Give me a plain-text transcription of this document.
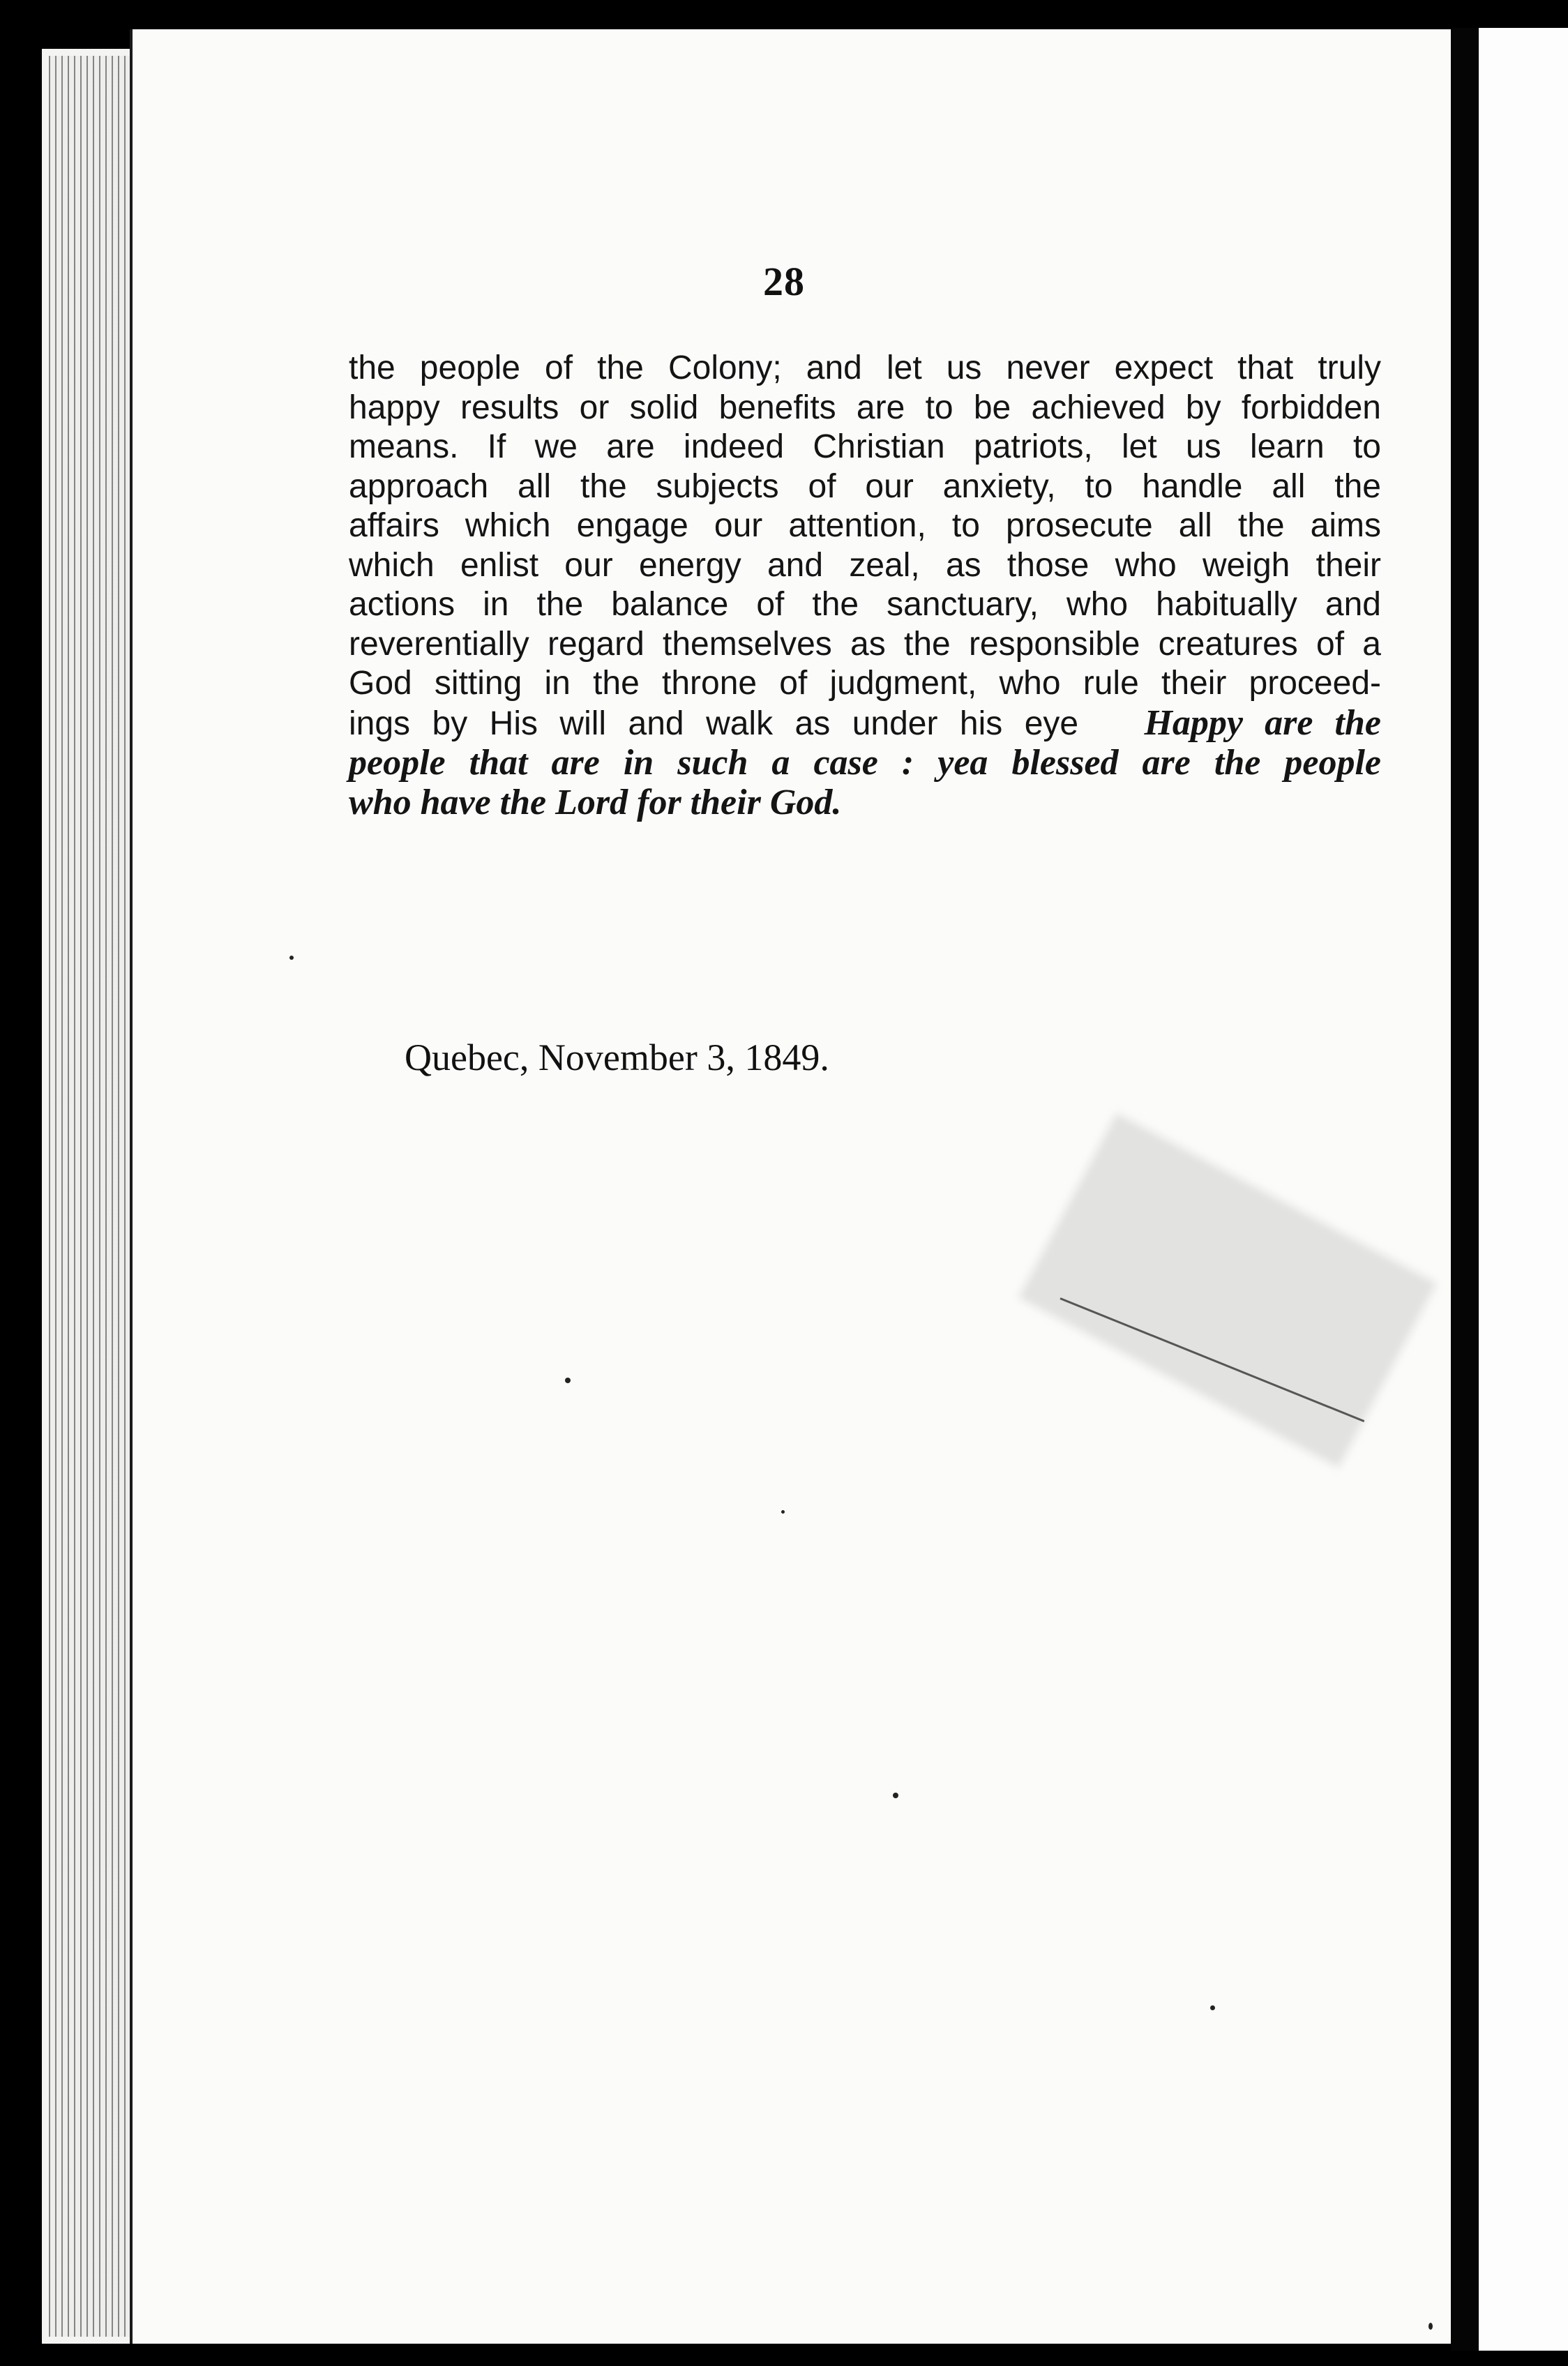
28
the people of the Colony; and let us never expect that truly
happy results or solid benefits are to be achieved by forbidden
means. If we are indeed Christian patriots, let us learn to
approach all the subjects of our anxiety, to handle all the
affairs which engage our attention, to prosecute all the aims
which enlist our energy and zeal, as those who weigh their
actions in the balance of the sanctuary, who habitually and
reverentially regard themselves as the responsible creatures of a
God sitting in the throne of judgment, who rule their proceed-
ings by His will and walk as under his eye Happy are the
people that are in such a case : yea blessed are the people
who have the Lord for their God.
Quebec, November 3, 1849.
